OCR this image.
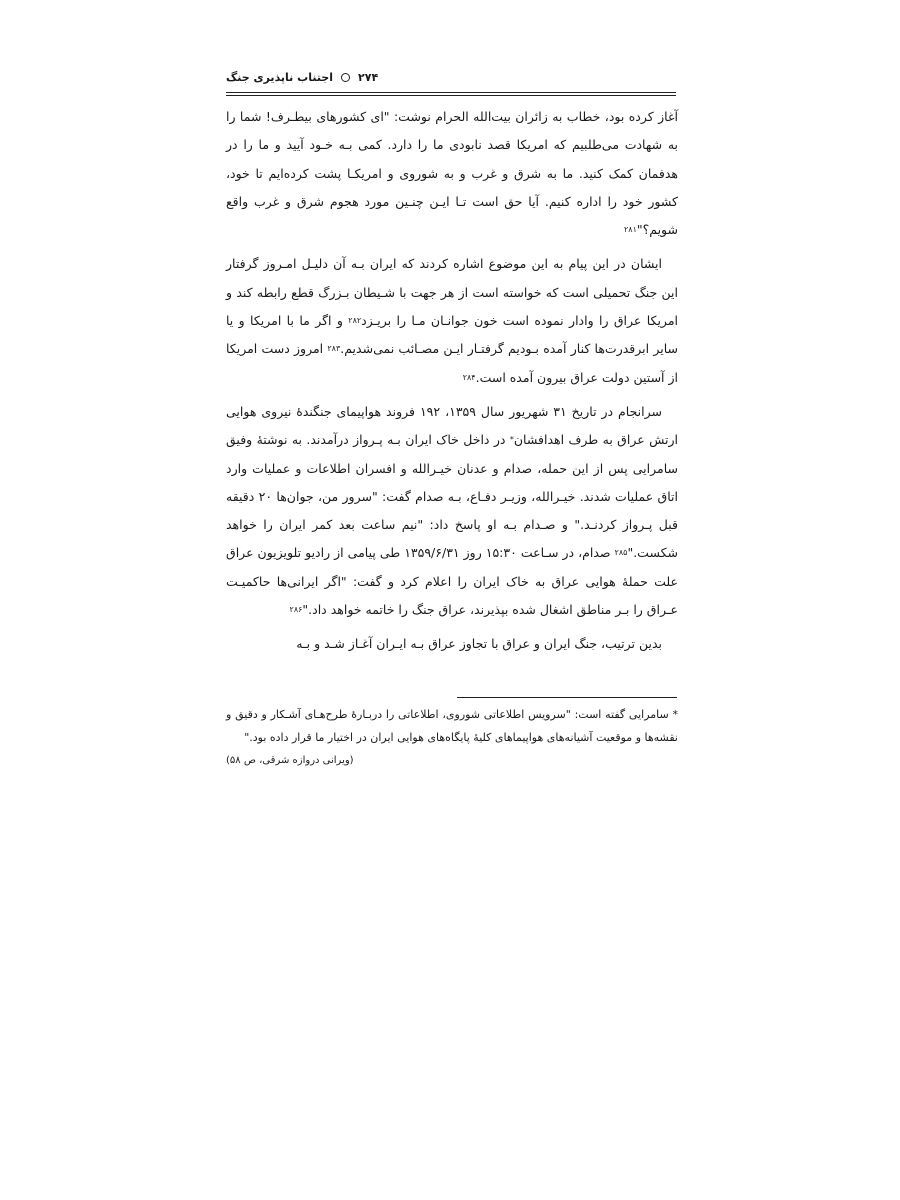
۲۷۴
اجتناب ناپذیری جنگ

آغاز کرده بود، خطاب به زائران بیت‌الله الحرام نوشت: "ای کشورهای بیطـرف! شما را به شهادت می‌طلبیم که امریکا قصد نابودی ما را دارد. کمی بـه خـود آیید و ما را در هدفمان کمک کنید. ما به شرق و غرب و به شوروی و امریکـا پشت کرده‌ایم تا خود، کشور خود را اداره کنیم. آیا حق است تـا ایـن چنـین مورد هجوم شرق و غرب واقع شویم؟"$^{۲۸۱}$

ایشان در این پیام به این موضوع اشاره کردند که ایران بـه آن دلیـل امـروز گرفتار این جنگ تحمیلی است که خواسته است از هر جهت با شـیطان بـزرگ قطع رابطه کند و امریکا عراق را وادار نموده است خون جوانـان مـا را بریـزد$^{۲۸۲}$ و اگر ما با امریکا و یا سایر ابرقدرت‌ها کنار آمده بـودیم گرفتـار ایـن مصـائب نمی‌شدیم.$^{۲۸۳}$ امروز دست امریکا از آستین دولت عراق بیرون آمده است.$^{۲۸۴}$

سرانجام در تاریخ ۳۱ شهریور سال ۱۳۵۹، ۱۹۲ فروند هواپیمای جنگندهٔ نیروی هوایی ارتش عراق به طرف اهدافشان* در داخل خاک ایران بـه پـرواز درآمدند. به نوشتهٔ وفیق سامرایی پس از این حمله، صدام و عدنان خیـرالله و افسران اطلاعات و عملیات وارد اتاق عملیات شدند. خیـرالله، وزیـر دفـاع، بـه صدام گفت: "سرور من، جوان‌ها ۲۰ دقیقه قبل پـرواز کردنـد." و صـدام بـه او پاسخ داد: "نیم ساعت بعد کمر ایران را خواهد شکست."$^{۲۸۵}$ صدام، در سـاعت ۱۵:۳۰ روز ۱۳۵۹/۶/۳۱ طی پیامی از رادیو تلویزیون عراق علت حملهٔ هوایی عراق به خاک ایران را اعلام کرد و گفت: "اگر ایرانی‌ها حاکمیـت عـراق را بـر مناطق اشغال شده بپذیرند، عراق جنگ را خاتمه خواهد داد."$^{۲۸۶}$

بدین ترتیب، جنگ ایران و عراق با تجاوز عراق بـه ایـران آغـاز شـد و بـه

* سامرایی گفته است: "سرویس اطلاعاتی شوروی، اطلاعاتی را دربـارهٔ طرح‌هـای آشـکار و دقیق و نقشه‌ها و موقعیت آشیانه‌های هواپیماهای کلیهٔ پایگاه‌های هوایی ایران در اختیار ما قرار داده بود."
(ویرانی دروازه شرقی، ص ۵۸)
